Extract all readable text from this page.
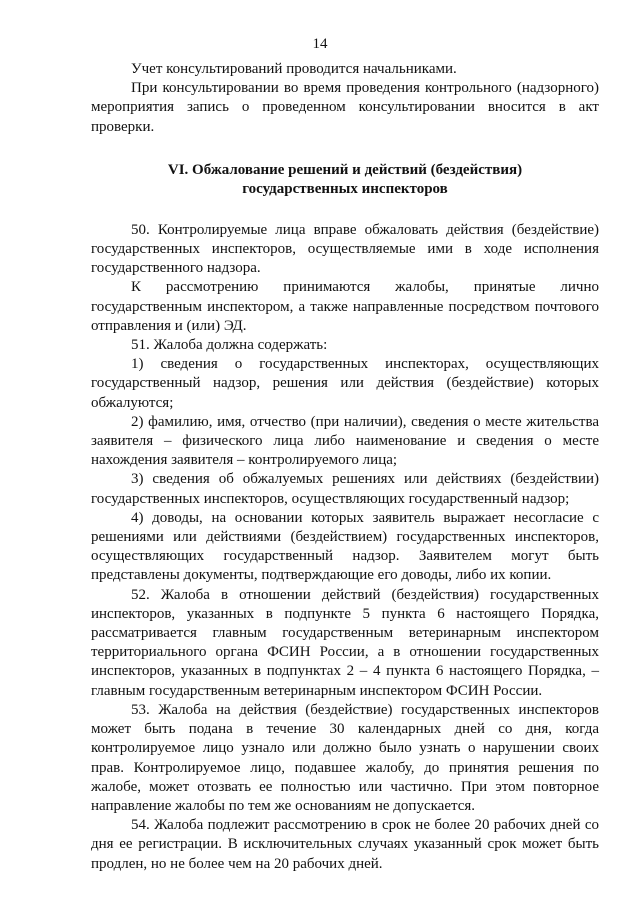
14

Учет консультирований проводится начальниками.

При консультировании во время проведения контрольного (надзорного) мероприятия запись о проведенном консультировании вносится в акт проверки.

VI. Обжалование решений и действий (бездействия)
государственных инспекторов

50. Контролируемые лица вправе обжаловать действия (бездействие) государственных инспекторов, осуществляемые ими в ходе исполнения государственного надзора.

К рассмотрению принимаются жалобы, принятые лично государственным инспектором, а также направленные посредством почтового отправления и (или) ЭД.

51. Жалоба должна содержать:

1) сведения о государственных инспекторах, осуществляющих государственный надзор, решения или действия (бездействие) которых обжалуются;

2) фамилию, имя, отчество (при наличии), сведения о месте жительства заявителя – физического лица либо наименование и сведения о месте нахождения заявителя – контролируемого лица;

3) сведения об обжалуемых решениях или действиях (бездействии) государственных инспекторов, осуществляющих государственный надзор;

4) доводы, на основании которых заявитель выражает несогласие с решениями или действиями (бездействием) государственных инспекторов, осуществляющих государственный надзор. Заявителем могут быть представлены документы, подтверждающие его доводы, либо их копии.

52. Жалоба в отношении действий (бездействия) государственных инспекторов, указанных в подпункте 5 пункта 6 настоящего Порядка, рассматривается главным государственным ветеринарным инспектором территориального органа ФСИН России, а в отношении государственных инспекторов, указанных в подпунктах 2 – 4 пункта 6 настоящего Порядка, – главным государственным ветеринарным инспектором ФСИН России.

53. Жалоба на действия (бездействие) государственных инспекторов может быть подана в течение 30 календарных дней со дня, когда контролируемое лицо узнало или должно было узнать о нарушении своих прав. Контролируемое лицо, подавшее жалобу, до принятия решения по жалобе, может отозвать ее полностью или частично. При этом повторное направление жалобы по тем же основаниям не допускается.

54. Жалоба подлежит рассмотрению в срок не более 20 рабочих дней со дня ее регистрации. В исключительных случаях указанный срок может быть продлен, но не более чем на 20 рабочих дней.
